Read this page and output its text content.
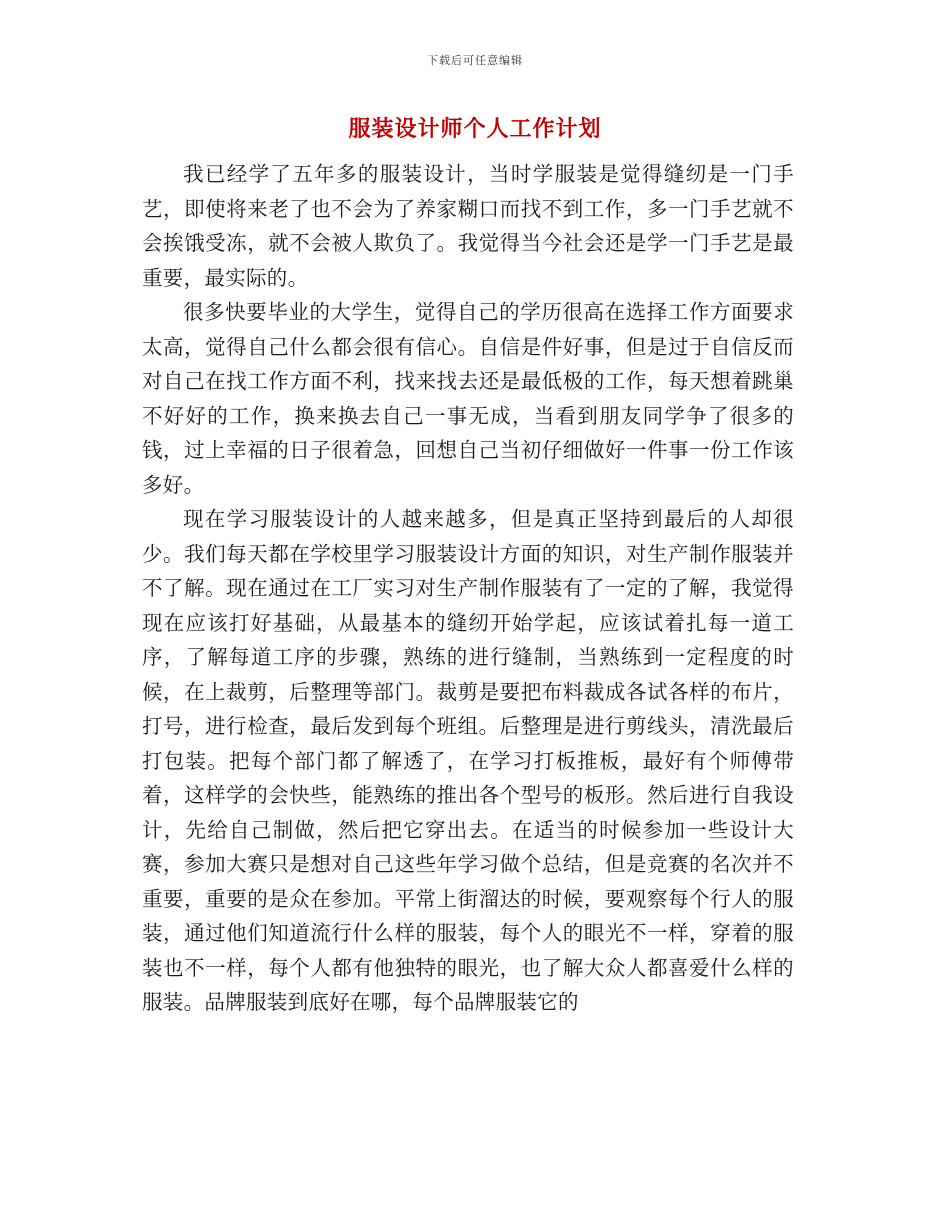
下载后可任意编辑
服装设计师个人工作计划

我已经学了五年多的服装设计，当时学服装是觉得缝纫是一门手艺，即使将来老了也不会为了养家糊口而找不到工作，多一门手艺就不会挨饿受冻，就不会被人欺负了。我觉得当今社会还是学一门手艺是最重要，最实际的。

很多快要毕业的大学生，觉得自己的学历很高在选择工作方面要求太高，觉得自己什么都会很有信心。自信是件好事，但是过于自信反而对自己在找工作方面不利，找来找去还是最低极的工作，每天想着跳巢不好好的工作，换来换去自己一事无成，当看到朋友同学争了很多的钱，过上幸福的日子很着急，回想自己当初仔细做好一件事一份工作该多好。

现在学习服装设计的人越来越多，但是真正坚持到最后的人却很少。我们每天都在学校里学习服装设计方面的知识，对生产制作服装并不了解。现在通过在工厂实习对生产制作服装有了一定的了解，我觉得现在应该打好基础，从最基本的缝纫开始学起，应该试着扎每一道工序，了解每道工序的步骤，熟练的进行缝制，当熟练到一定程度的时候，在上裁剪，后整理等部门。裁剪是要把布料裁成各试各样的布片，打号，进行检查，最后发到每个班组。后整理是进行剪线头，清洗最后打包装。把每个部门都了解透了，在学习打板推板，最好有个师傅带着，这样学的会快些，能熟练的推出各个型号的板形。然后进行自我设计，先给自己制做，然后把它穿出去。在适当的时候参加一些设计大赛，参加大赛只是想对自己这些年学习做个总结，但是竞赛的名次并不重要，重要的是众在参加。平常上街溜达的时候，要观察每个行人的服装，通过他们知道流行什么样的服装，每个人的眼光不一样，穿着的服装也不一样，每个人都有他独特的眼光，也了解大众人都喜爱什么样的服装。品牌服装到底好在哪，每个品牌服装它的
